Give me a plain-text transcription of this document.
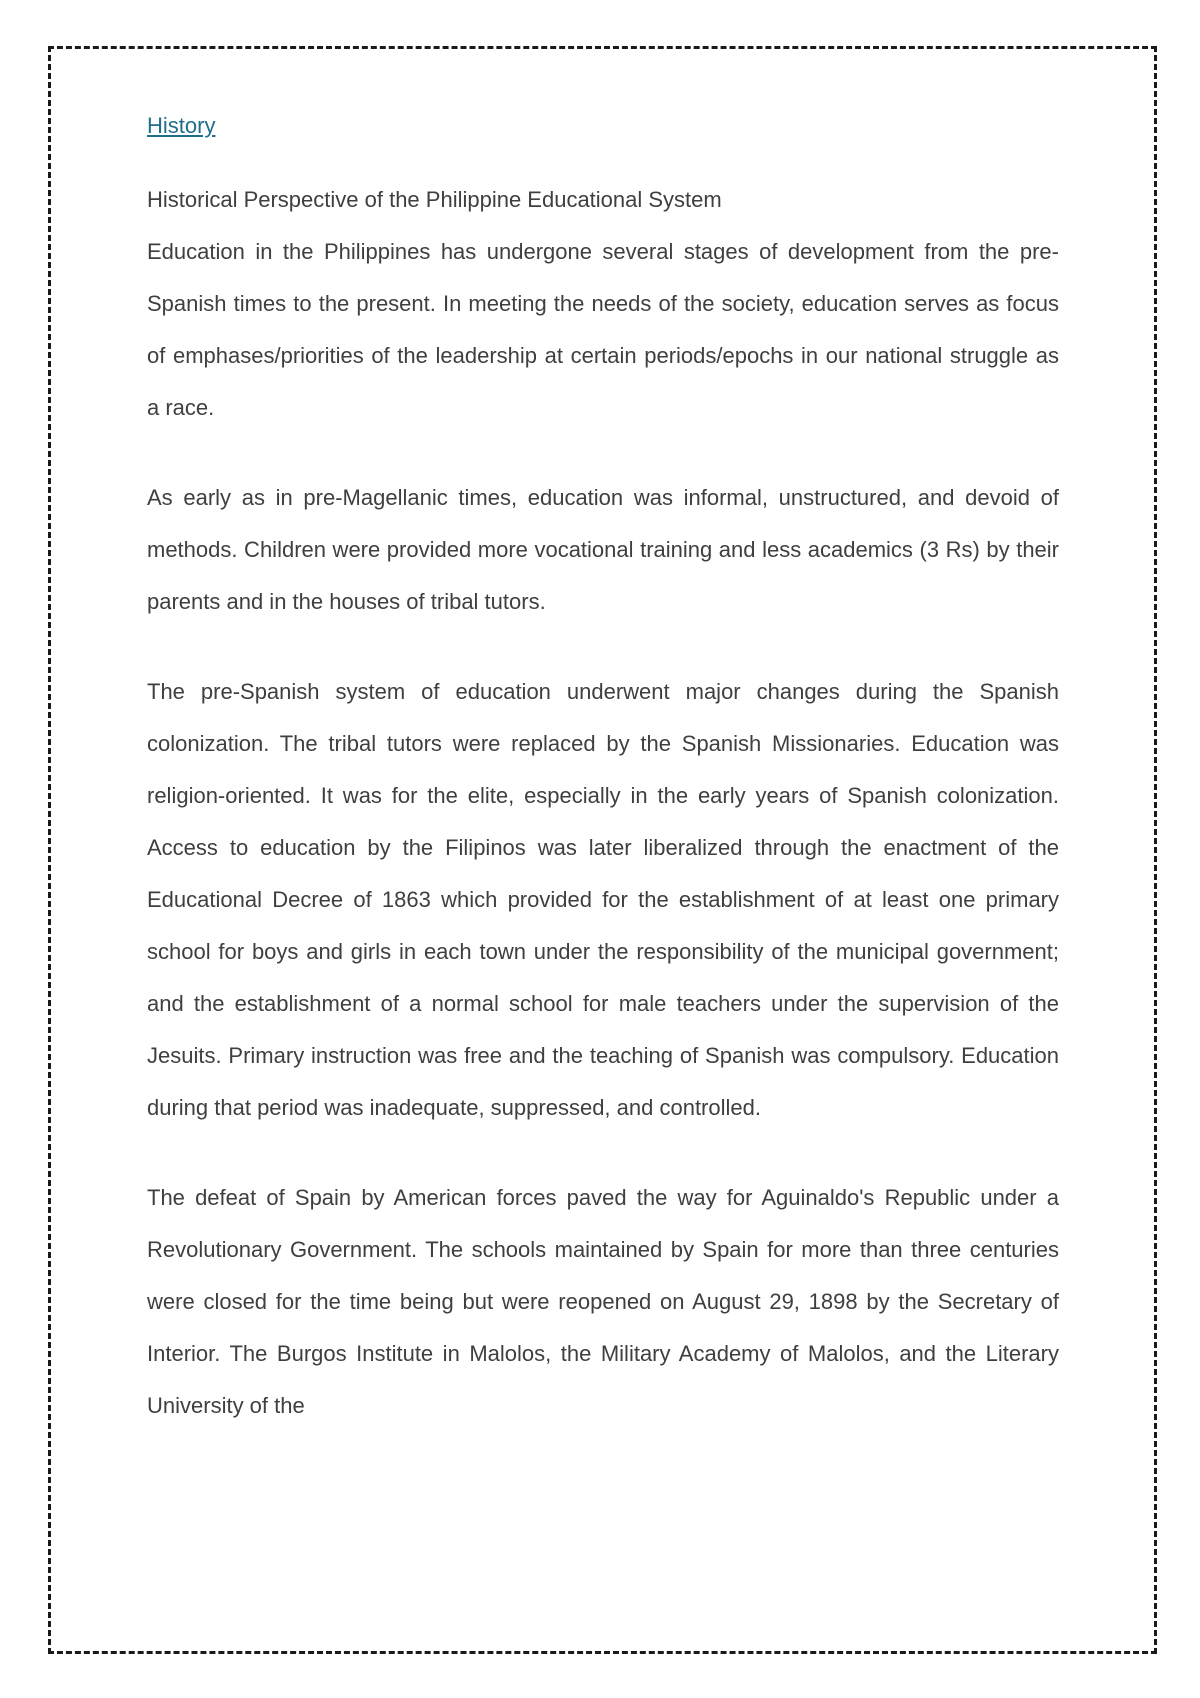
History

Historical Perspective of the Philippine Educational System

Education in the Philippines has undergone several stages of development from the pre-Spanish times to the present. In meeting the needs of the society, education serves as focus of emphases/priorities of the leadership at certain periods/epochs in our national struggle as a race.

As early as in pre-Magellanic times, education was informal, unstructured, and devoid of methods. Children were provided more vocational training and less academics (3 Rs) by their parents and in the houses of tribal tutors.

The pre-Spanish system of education underwent major changes during the Spanish colonization. The tribal tutors were replaced by the Spanish Missionaries. Education was religion-oriented. It was for the elite, especially in the early years of Spanish colonization. Access to education by the Filipinos was later liberalized through the enactment of the Educational Decree of 1863 which provided for the establishment of at least one primary school for boys and girls in each town under the responsibility of the municipal government; and the establishment of a normal school for male teachers under the supervision of the Jesuits. Primary instruction was free and the teaching of Spanish was compulsory. Education during that period was inadequate, suppressed, and controlled.

The defeat of Spain by American forces paved the way for Aguinaldo's Republic under a Revolutionary Government. The schools maintained by Spain for more than three centuries were closed for the time being but were reopened on August 29, 1898 by the Secretary of Interior. The Burgos Institute in Malolos, the Military Academy of Malolos, and the Literary University of the
